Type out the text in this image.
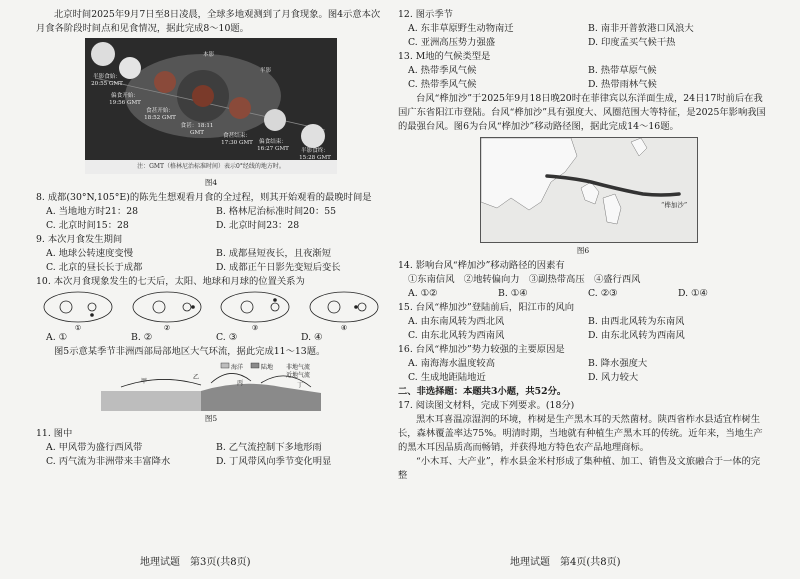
北京时间2025年9月7日至8日凌晨，全球多地观测到了月食现象。图4示意本次月食各阶段时间点和见食情况，据此完成8～10题。

本影
半影
半影食始：20:55 GMT
偏食开始：19:56 GMT
食甚开始：18:52 GMT
食甚：18:11 GMT
食甚结束：17:30 GMT	偏食结束：16:27 GMT	半影食终：15:28 GMT
注：GMT（格林尼治标准时间）表示0°经线的地方时。
图4

8. 成都(30°N,105°E)的陈先生想观看月食的全过程，则其开始观看的最晚时间是

A. 当地地方时21：28	B. 格林尼治标准时间20：55
C. 北京时间15：28	D. 北京时间23：28

9. 本次月食发生期间

A. 地球公转速度变慢	B. 成都昼短夜长，且夜渐短
C. 北京的昼长长于成都	D. 成都正午日影先变短后变长

10. 本次月食现象发生的七天后，太阳、地球和月球的位置关系为

①	②	③	④
A. ①	B. ②	C. ③	D. ④

图5示意某季节非洲西部局部地区大气环流，据此完成11～13题。

海洋	陆地 非地气流
近地气流
甲
乙
丙	丁
图5

11. 图中

A. 甲风带为盛行西风带	B. 乙气流控制下多地形雨
C. 丙气流为非洲带来丰富降水	D. 丁风带风向季节变化明显
地理试题　第3页(共8页)

12. 图示季节

A. 东非草原野生动物南迁	B. 南非开普敦港口风浪大
C. 亚洲高压势力强盛	D. 印度孟买气候干热

13. M地的气候类型是

A. 热带季风气候	B. 热带草原气候
C. 热带季风气候	D. 热带雨林气候

台风“桦加沙”于2025年9月18日晚20时在菲律宾以东洋面生成，24日17时前后在我国广东省阳江市登陆。台风“桦加沙”具有强度大、风圈范围大等特征，是2025年影响我国的最强台风。图6为台风“桦加沙”移动路径图，据此完成14～16题。

“桦加沙”
图6

14. 影响台风“桦加沙”移动路径的因素有

①东南信风　②地转偏向力　③副热带高压　④盛行西风

A. ①②	B. ①④	C. ②③	D. ①④

15. 台风“桦加沙”登陆前后，阳江市的风向

A. 由东南风转为西北风	B. 由西北风转为东南风
C. 由东北风转为西南风	D. 由东北风转为西南风

16. 台风“桦加沙”势力较强的主要原因是

A. 南海海水温度较高	B. 降水强度大
C. 生成地距陆地近	D. 风力较大

二、非选择题：本题共3小题，共52分。

17. 阅读图文材料，完成下列要求。(18分)

黑木耳喜温凉湿润的环境，柞树是生产黑木耳的天然菌材。陕西省柞水县适宜柞树生长，森林覆盖率达75%。明清时期，当地就有种植生产黑木耳的传统。近年来，当地生产的黑木耳因品质高而畅销，并获得地方特色农产品地理商标。

“小木耳、大产业”，柞水县金米村形成了集种植、加工、销售及文旅融合于一体的完整

地理试题　第4页(共8页)
